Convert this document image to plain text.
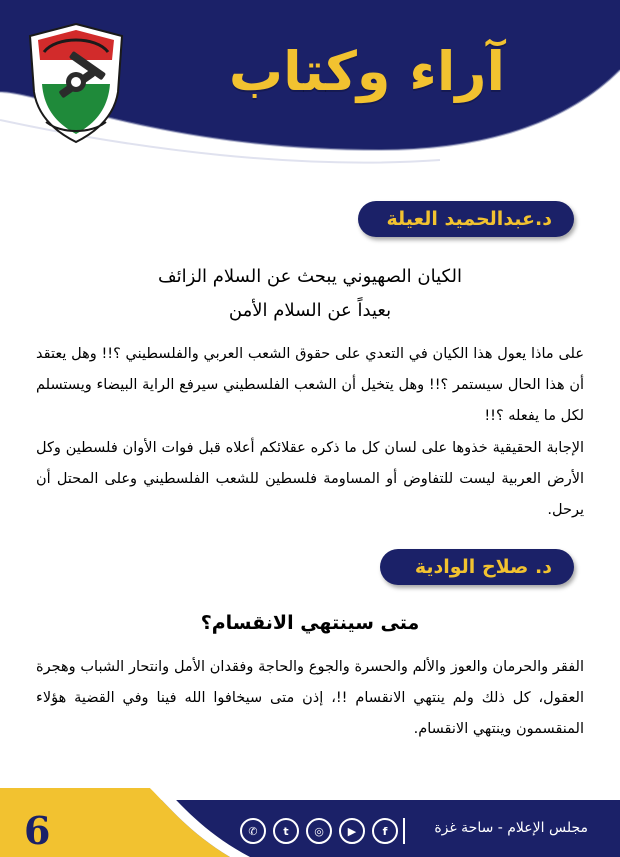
آراء وكتاب
د.عبدالحميد العيلة
الكيان الصهيوني يبحث عن السلام الزائف
بعيداً عن السلام الأمن
على ماذا يعول هذا الكيان في التعدي على حقوق الشعب العربي والفلسطيني ؟!! وهل يعتقد أن هذا الحال سيستمر ؟!! وهل يتخيل أن الشعب الفلسطيني سيرفع الراية البيضاء ويستسلم لكل ما يفعله ؟!!
الإجابة الحقيقية خذوها على لسان كل ما ذكره عقلائكم أعلاه قبل فوات الأوان فلسطين وكل الأرض العربية ليست للتفاوض أو المساومة فلسطين للشعب الفلسطيني وعلى المحتل أن يرحل.
د. صلاح الوادية
متى سينتهي الانقسام؟
الفقر والحرمان والعوز والألم والحسرة والجوع والحاجة وفقدان الأمل وانتحار الشباب وهجرة العقول، كل ذلك ولم ينتهي الانقسام !!، إذن متى سيخافوا الله فينا وفي القضية هؤلاء المنقسمون وينتهي الانقسام.
6	✆	t	◎	▶	f	مجلس الإعلام - ساحة غزة
